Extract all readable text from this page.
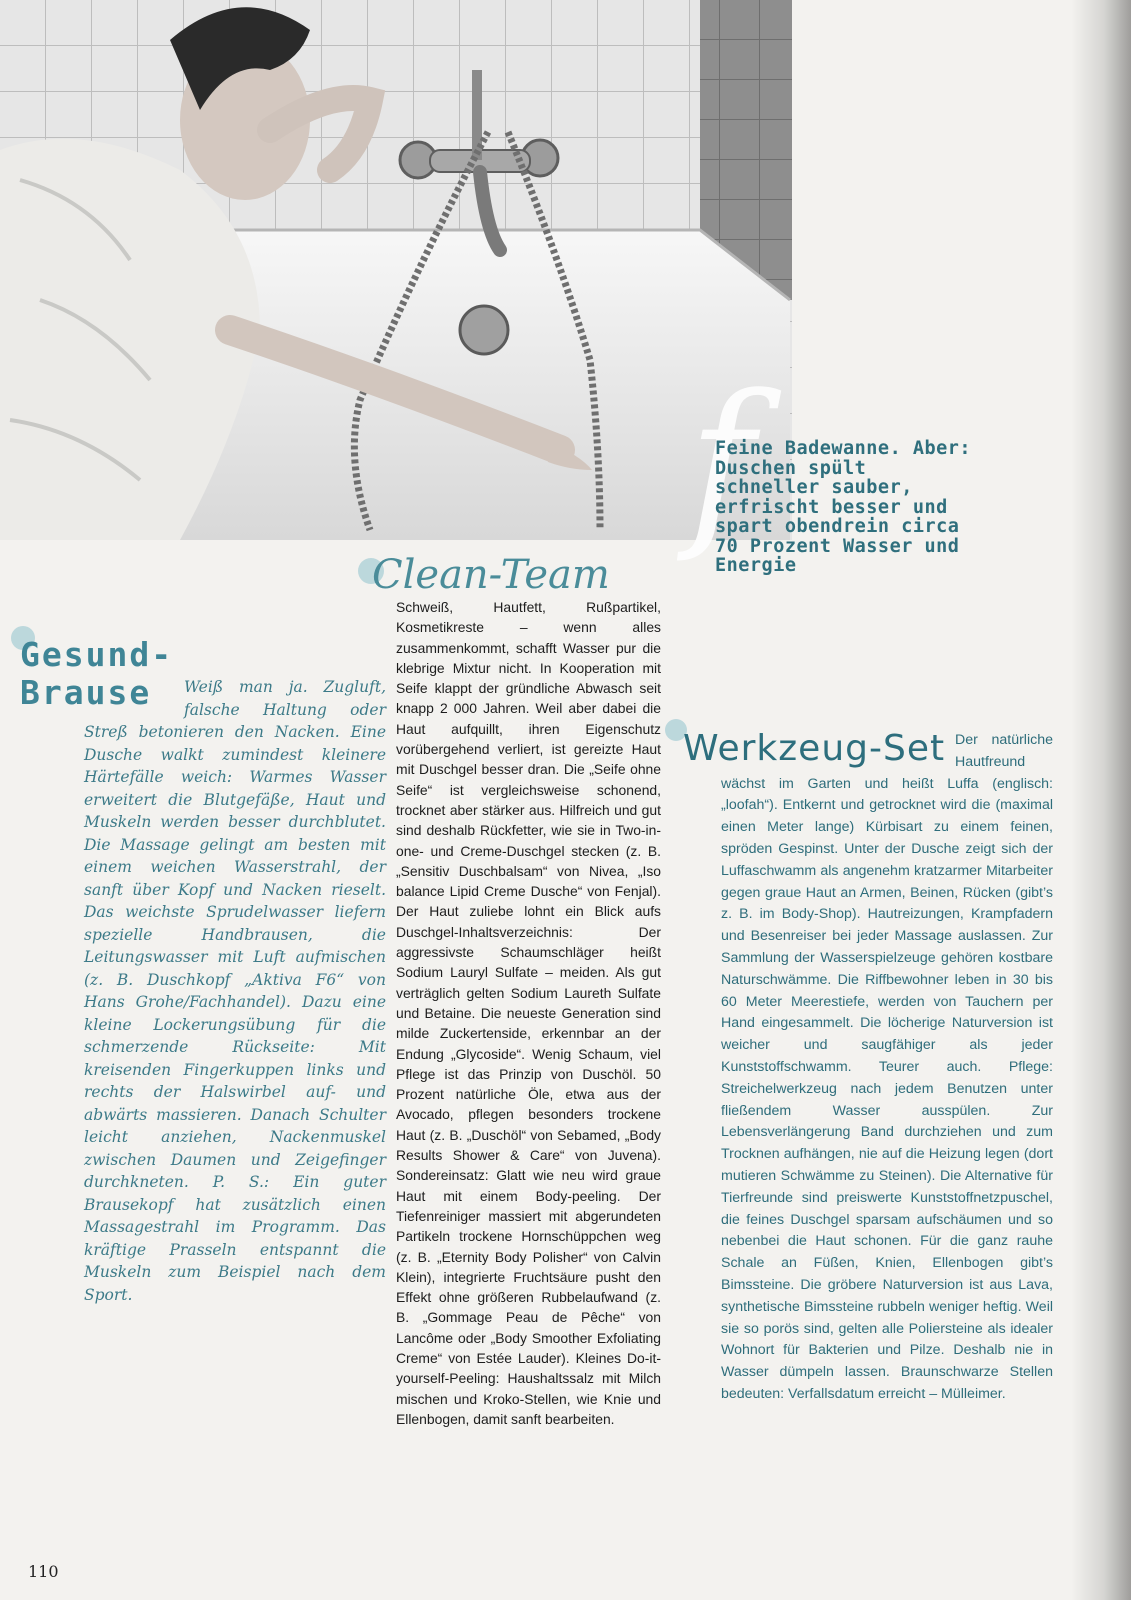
f

Feine Badewanne. Aber: Duschen spült schneller sauber, erfrischt besser und spart obendrein circa 70 Prozent Wasser und Energie

Clean-Team
Gesund-
Brause
Werkzeug-Set
Weiß man ja. Zugluft, falsche Haltung oder Streß betonieren den Nacken. Eine Dusche walkt zumindest kleinere Härtefälle weich: Warmes Wasser erweitert die Blutgefäße, Haut und Muskeln werden besser durchblutet. Die Massage gelingt am besten mit einem weichen Wasserstrahl, der sanft über Kopf und Nacken rieselt. Das weichste Sprudelwasser liefern spezielle Handbrausen, die Leitungswasser mit Luft aufmischen (z. B. Duschkopf „Aktiva F6“ von Hans Grohe/Fachhandel). Dazu eine kleine Lockerungsübung für die schmerzende Rückseite: Mit kreisenden Fingerkuppen links und rechts der Halswirbel auf- und abwärts massieren. Danach Schulter leicht anziehen, Nackenmuskel zwischen Daumen und Zeigefinger durchkneten. P. S.: Ein guter Brausekopf hat zusätzlich einen Massagestrahl im Programm. Das kräftige Prasseln entspannt die Muskeln zum Beispiel nach dem Sport.

Schweiß, Hautfett, Rußpartikel, Kosmetikreste – wenn alles zusammenkommt, schafft Wasser pur die klebrige Mixtur nicht. In Kooperation mit Seife klappt der gründliche Abwasch seit knapp 2 000 Jahren. Weil aber dabei die Haut aufquillt, ihren Eigenschutz vorübergehend verliert, ist gereizte Haut mit Duschgel besser dran. Die „Seife ohne Seife“ ist vergleichsweise schonend, trocknet aber stärker aus. Hilfreich und gut sind deshalb Rückfetter, wie sie in Two-in-one- und Creme-Duschgel stecken (z. B. „Sensitiv Duschbalsam“ von Nivea, „Iso balance Lipid Creme Dusche“ von Fenjal). Der Haut zuliebe lohnt ein Blick aufs Duschgel-Inhaltsverzeichnis: Der aggressivste Schaumschläger heißt Sodium Lauryl Sulfate – meiden. Als gut verträglich gelten Sodium Laureth Sulfate und Betaine. Die neueste Generation sind milde Zuckertenside, erkennbar an der Endung „Glycoside“. Wenig Schaum, viel Pflege ist das Prinzip von Duschöl. 50 Prozent natürliche Öle, etwa aus der Avocado, pflegen besonders trockene Haut (z. B. „Duschöl“ von Sebamed, „Body Results Shower & Care“ von Juvena). Sondereinsatz: Glatt wie neu wird graue Haut mit einem Body-peeling. Der Tiefenreiniger massiert mit abgerundeten Partikeln trockene Hornschüppchen weg (z. B. „Eternity Body Polisher“ von Calvin Klein), integrierte Fruchtsäure pusht den Effekt ohne größeren Rubbelaufwand (z. B. „Gommage Peau de Pêche“ von Lancôme oder „Body Smoother Exfoliating Creme“ von Estée Lauder). Kleines Do-it-yourself-Peeling: Haushaltssalz mit Milch mischen und Kroko-Stellen, wie Knie und Ellenbogen, damit sanft bearbeiten.

Der natürliche Hautfreund wächst im Garten und heißt Luffa (englisch: „loofah“). Entkernt und getrocknet wird die (maximal einen Meter lange) Kürbisart zu einem feinen, spröden Gespinst. Unter der Dusche zeigt sich der Luffaschwamm als angenehm kratzarmer Mitarbeiter gegen graue Haut an Armen, Beinen, Rücken (gibt’s z. B. im Body-Shop). Hautreizungen, Krampfadern und Besenreiser bei jeder Massage auslassen. Zur Sammlung der Wasserspielzeuge gehören kostbare Naturschwämme. Die Riffbewohner leben in 30 bis 60 Meter Meerestiefe, werden von Tauchern per Hand eingesammelt. Die löcherige Naturversion ist weicher und saugfähiger als jeder Kunststoffschwamm. Teurer auch. Pflege: Streichelwerkzeug nach jedem Benutzen unter fließendem Wasser ausspülen. Zur Lebensverlängerung Band durchziehen und zum Trocknen aufhängen, nie auf die Heizung legen (dort mutieren Schwämme zu Steinen). Die Alternative für Tierfreunde sind preiswerte Kunststoffnetzpuschel, die feines Duschgel sparsam aufschäumen und so nebenbei die Haut schonen. Für die ganz rauhe Schale an Füßen, Knien, Ellenbogen gibt’s Bimssteine. Die gröbere Naturversion ist aus Lava, synthetische Bimssteine rubbeln weniger heftig. Weil sie so porös sind, gelten alle Poliersteine als idealer Wohnort für Bakterien und Pilze. Deshalb nie in Wasser dümpeln lassen. Braunschwarze Stellen bedeuten: Verfallsdatum erreicht – Mülleimer.
110
